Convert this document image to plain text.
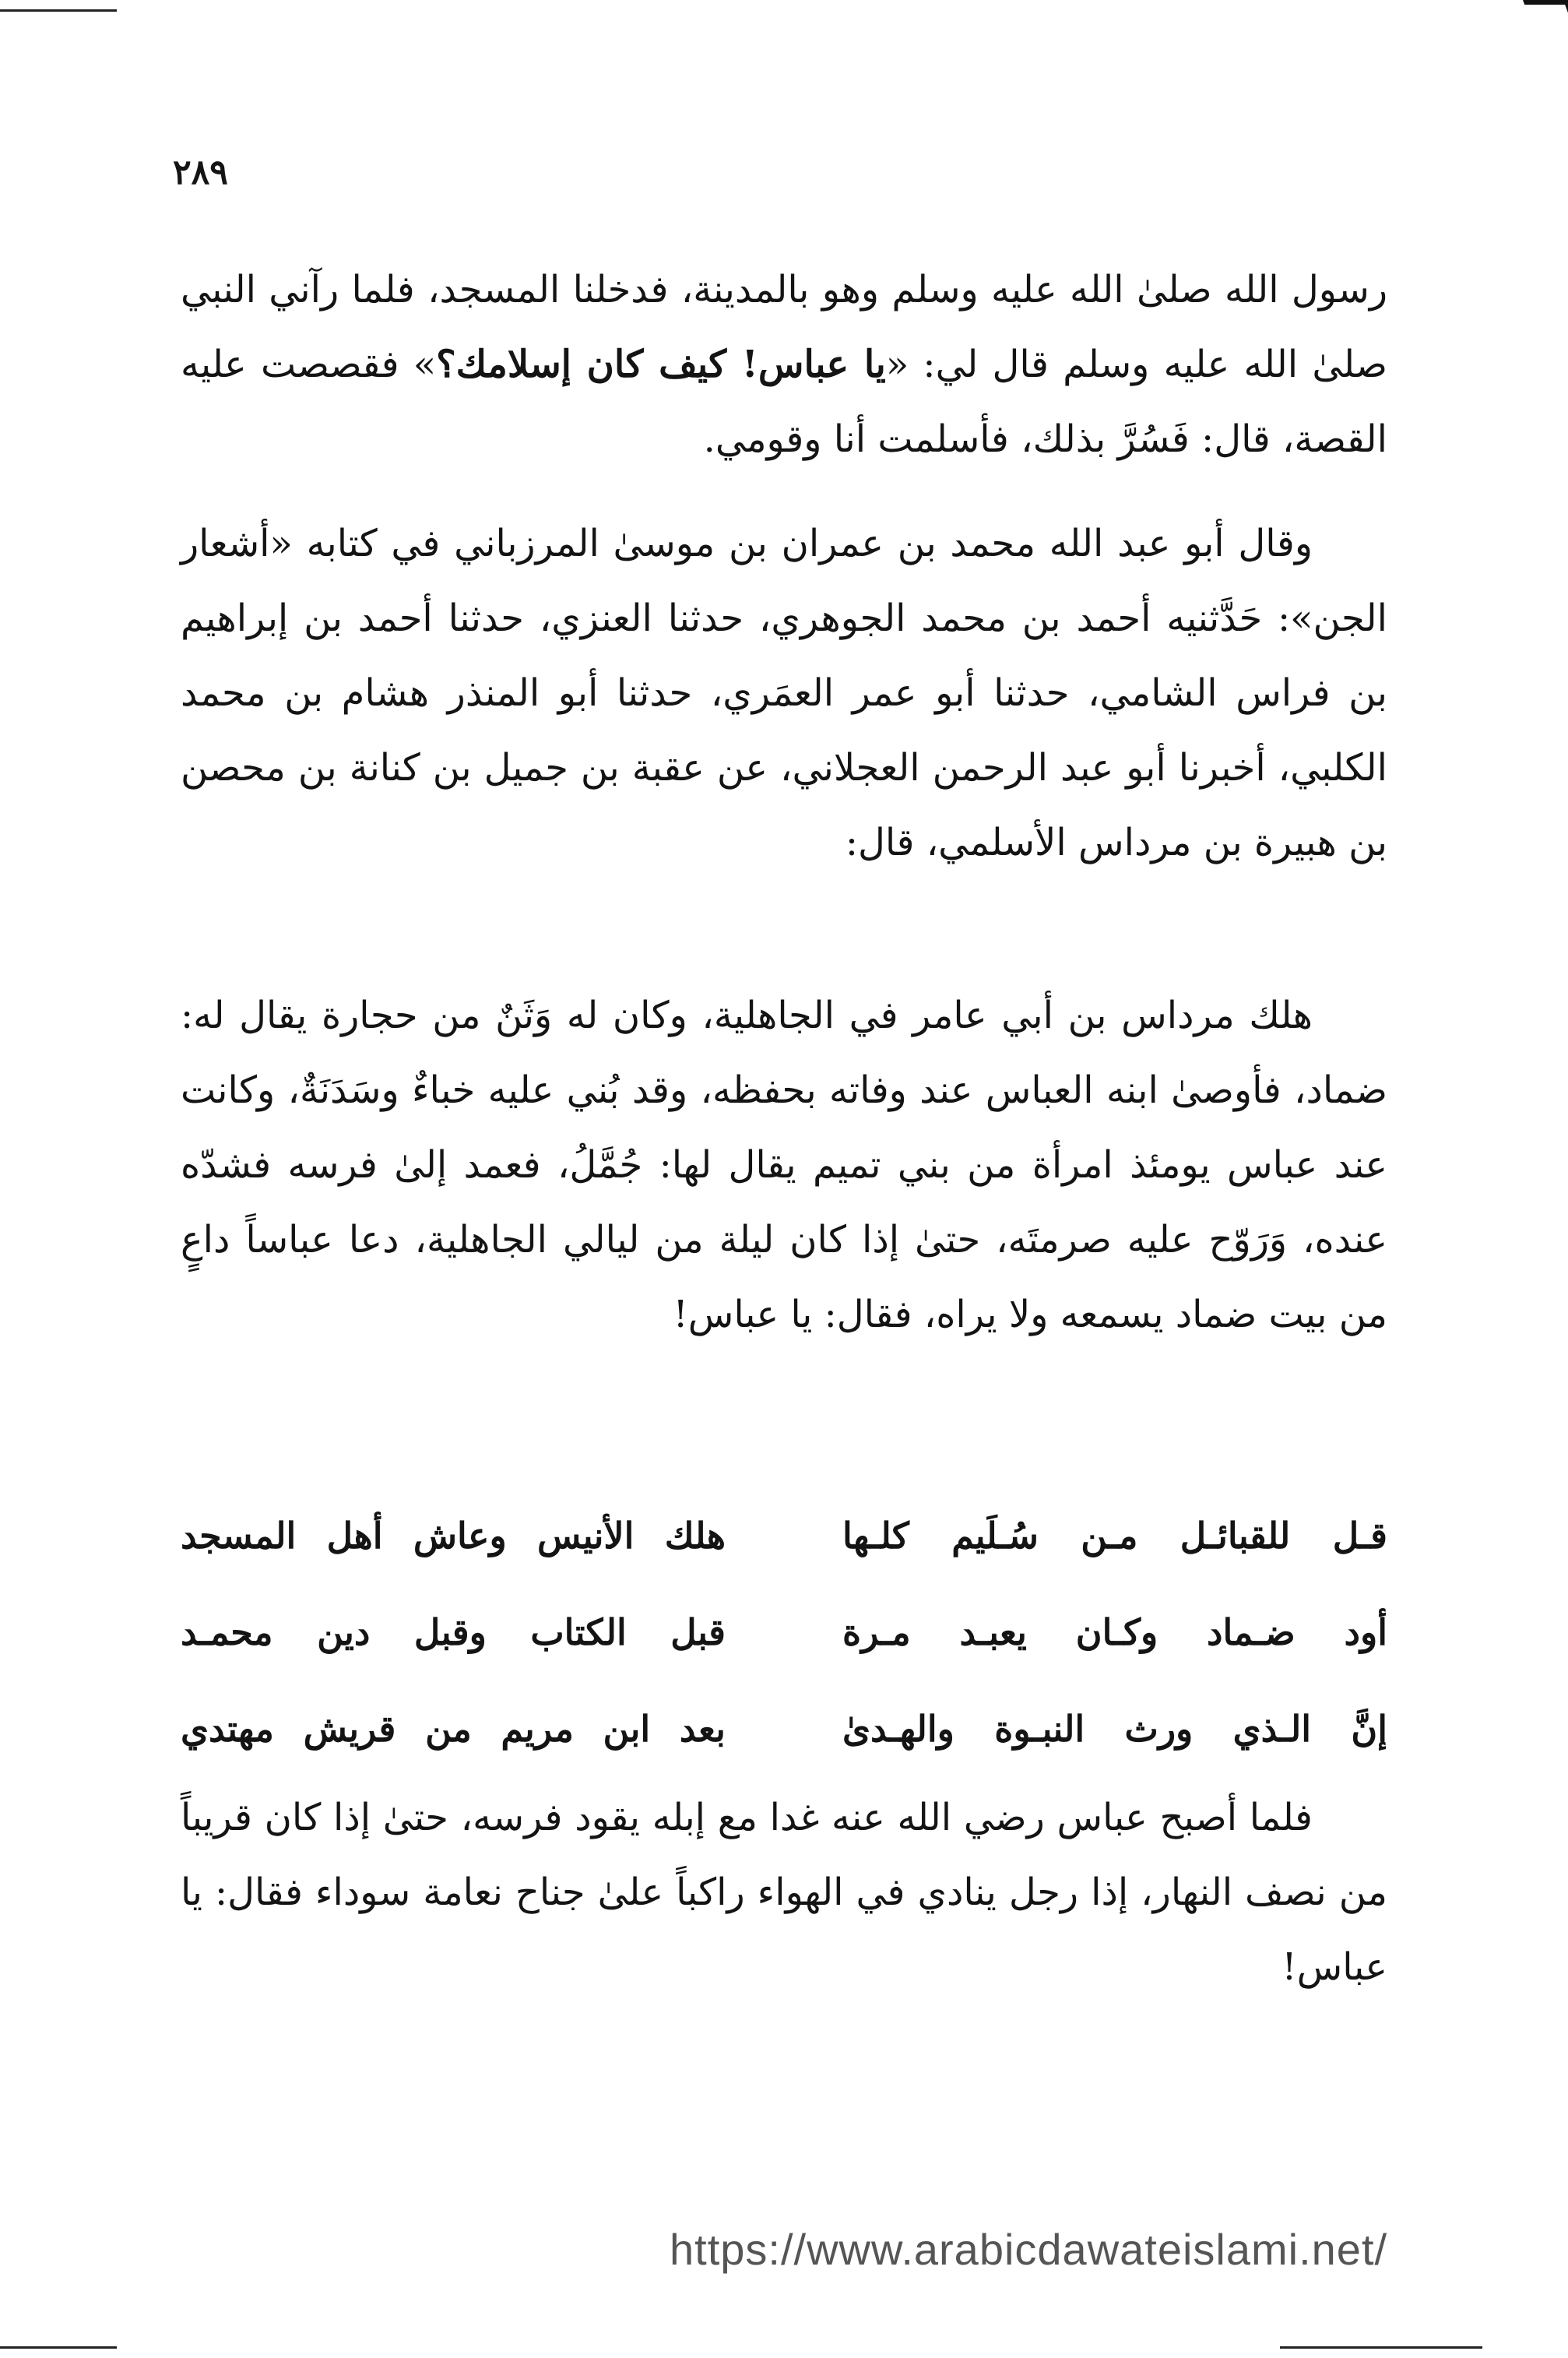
٢٨٩

رسول الله صلىٰ الله عليه وسلم وهو بالمدينة، فدخلنا المسجد، فلما رآني النبي صلىٰ الله عليه وسلم قال لي: «يا عباس! كيف كان إسلامك؟» فقصصت عليه القصة، قال: فَسُرَّ بذلك، فأسلمت أنا وقومي.

وقال أبو عبد الله محمد بن عمران بن موسىٰ المرزباني في كتابه «أشعار الجن»: حَدَّثنيه أحمد بن محمد الجوهري، حدثنا العنزي، حدثنا أحمد بن إبراهيم بن فراس الشامي، حدثنا أبو عمر العمَري، حدثنا أبو المنذر هشام بن محمد الكلبي، أخبرنا أبو عبد الرحمن العجلاني، عن عقبة بن جميل بن كنانة بن محصن بن هبيرة بن مرداس الأسلمي، قال:

هلك مرداس بن أبي عامر في الجاهلية، وكان له وَثَنٌ من حجارة يقال له: ضماد، فأوصىٰ ابنه العباس عند وفاته بحفظه، وقد بُني عليه خباءٌ وسَدَنَةٌ، وكانت عند عباس يومئذ امرأة من بني تميم يقال لها: جُمَّلُ، فعمد إلىٰ فرسه فشدّه عنده، وَرَوّح عليه صرمتَه، حتىٰ إذا كان ليلة من ليالي الجاهلية، دعا عباساً داعٍ من بيت ضماد يسمعه ولا يراه، فقال: يا عباس!

قـل للقبائـل مـن سُـلَيم كلـها
هلك الأنيس وعاش أهل المسجد
أود ضـماد وكـان يعبـد مـرة
قبل الكتاب وقبل دين محمـد
إنَّ الـذي ورث النبـوة والهـدىٰ
بعد ابن مريم من قريش مهتدي

فلما أصبح عباس رضي الله عنه غدا مع إبله يقود فرسه، حتىٰ إذا كان قريباً من نصف النهار، إذا رجل ينادي في الهواء راكباً علىٰ جناح نعامة سوداء فقال: يا عباس!

https://www.arabicdawateislami.net/
